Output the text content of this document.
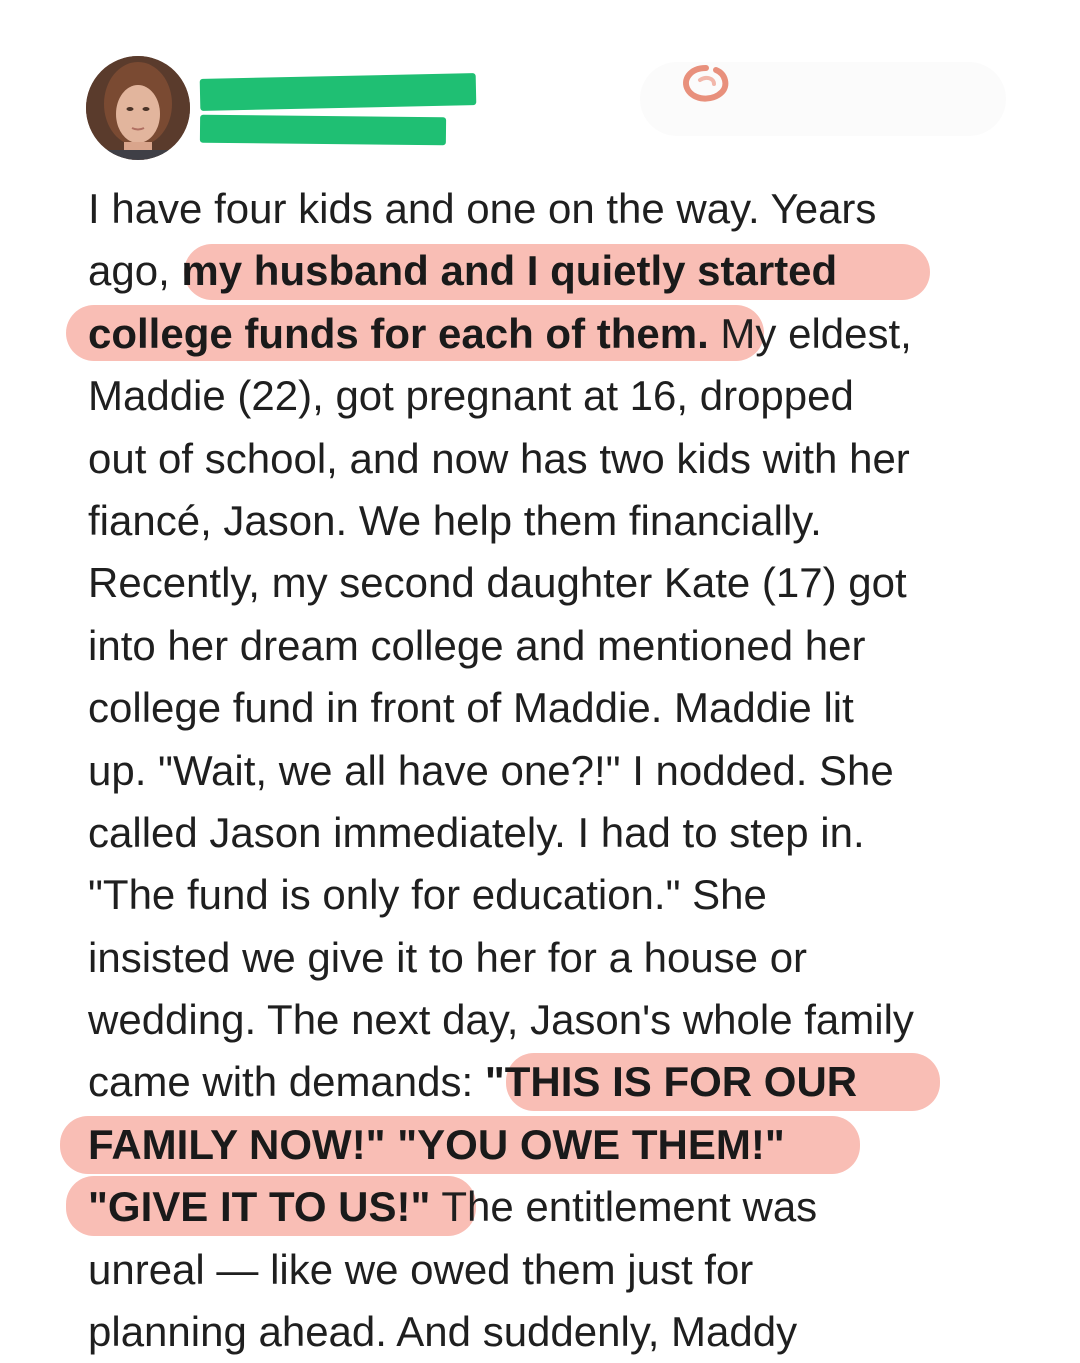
I have four kids and one on the way. Years
ago, my husband and I quietly started
college funds for each of them. My eldest,
Maddie (22), got pregnant at 16, dropped
out of school, and now has two kids with her
fiancé, Jason. We help them financially.
Recently, my second daughter Kate (17) got
into her dream college and mentioned her
college fund in front of Maddie. Maddie lit
up. "Wait, we all have one?!" I nodded. She
called Jason immediately. I had to step in.
"The fund is only for education." She
insisted we give it to her for a house or
wedding. The next day, Jason's whole family
came with demands: "THIS IS FOR OUR
FAMILY NOW!" "YOU OWE THEM!"
"GIVE IT TO US!" The entitlement was
unreal — like we owed them just for
planning ahead. And suddenly, Maddy
